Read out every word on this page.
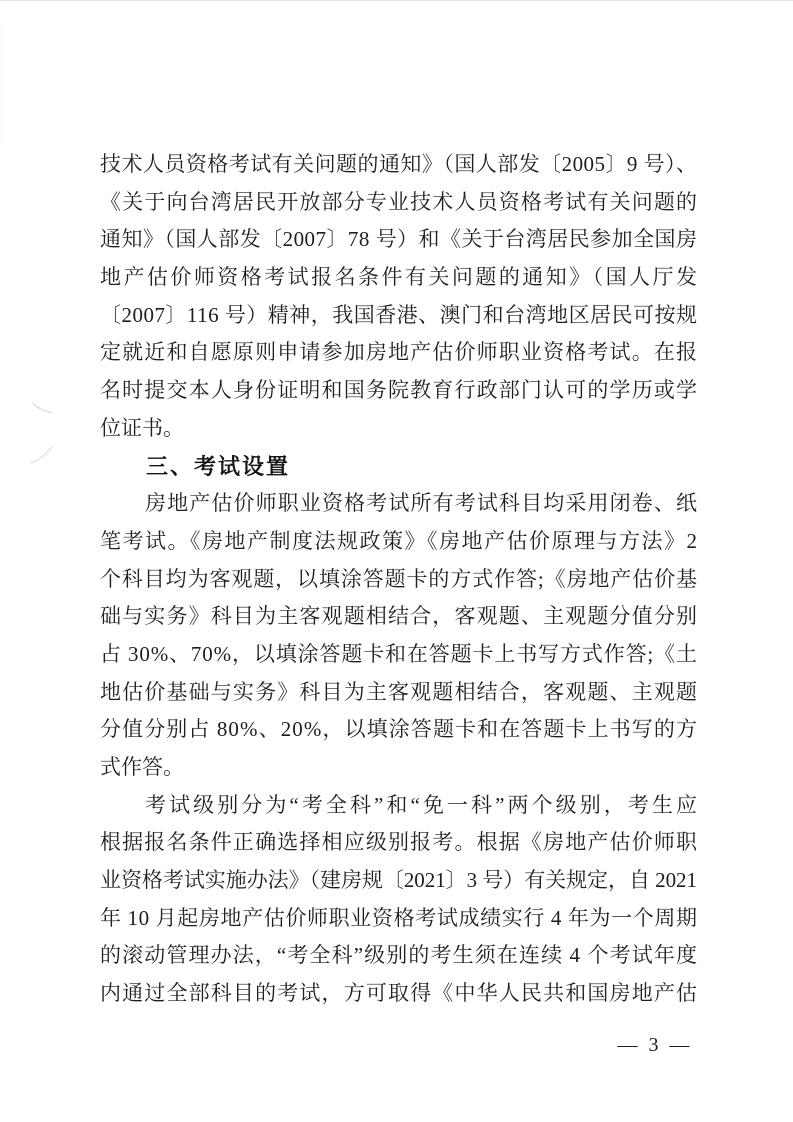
技术人员资格考试有关问题的通知》（国人部发〔2005〕9 号）、
《关于向台湾居民开放部分专业技术人员资格考试有关问题的
通知》（国人部发〔2007〕78 号）和《关于台湾居民参加全国房
地产估价师资格考试报名条件有关问题的通知》（国人厅发
〔2007〕116 号）精神，我国香港、澳门和台湾地区居民可按规
定就近和自愿原则申请参加房地产估价师职业资格考试。在报
名时提交本人身份证明和国务院教育行政部门认可的学历或学
位证书。
三、考试设置
房地产估价师职业资格考试所有考试科目均采用闭卷、纸
笔考试。《房地产制度法规政策》《房地产估价原理与方法》2
个科目均为客观题，以填涂答题卡的方式作答;《房地产估价基
础与实务》科目为主客观题相结合，客观题、主观题分值分别
占 30%、70%，以填涂答题卡和在答题卡上书写方式作答;《土
地估价基础与实务》科目为主客观题相结合，客观题、主观题
分值分别占 80%、20%，以填涂答题卡和在答题卡上书写的方
式作答。
考试级别分为“考全科”和“免一科”两个级别，考生应
根据报名条件正确选择相应级别报考。根据《房地产估价师职
业资格考试实施办法》（建房规〔2021〕3 号）有关规定，自 2021
年 10 月起房地产估价师职业资格考试成绩实行 4 年为一个周期
的滚动管理办法，“考全科”级别的考生须在连续 4 个考试年度
内通过全部科目的考试，方可取得《中华人民共和国房地产估
— 3 —
